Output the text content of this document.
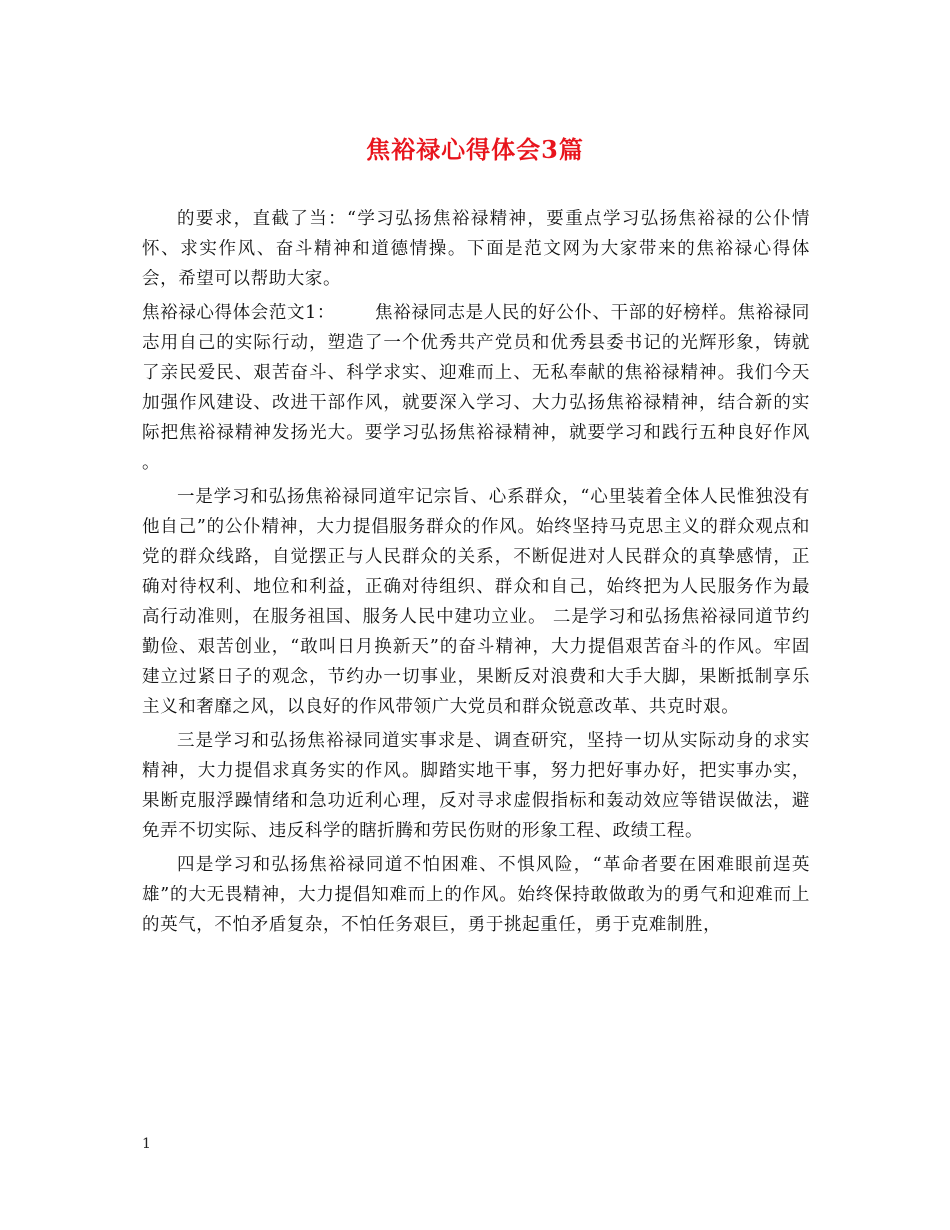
焦裕禄心得体会3篇

的要求，直截了当：“学习弘扬焦裕禄精神，要重点学习弘扬焦裕禄的公仆情怀、求实作风、奋斗精神和道德情操。下面是范文网为大家带来的焦裕禄心得体会，希望可以帮助大家。

焦裕禄心得体会范文1： 焦裕禄同志是人民的好公仆、干部的好榜样。焦裕禄同志用自己的实际行动，塑造了一个优秀共产党员和优秀县委书记的光辉形象，铸就了亲民爱民、艰苦奋斗、科学求实、迎难而上、无私奉献的焦裕禄精神。我们今天加强作风建设、改进干部作风，就要深入学习、大力弘扬焦裕禄精神，结合新的实际把焦裕禄精神发扬光大。要学习弘扬焦裕禄精神，就要学习和践行五种良好作风 。

一是学习和弘扬焦裕禄同道牢记宗旨、心系群众，“心里装着全体人民惟独没有他自己”的公仆精神，大力提倡服务群众的作风。始终坚持马克思主义的群众观点和党的群众线路，自觉摆正与人民群众的关系，不断促进对人民群众的真挚感情，正确对待权利、地位和利益，正确对待组织、群众和自己，始终把为人民服务作为最高行动准则，在服务祖国、服务人民中建功立业。 二是学习和弘扬焦裕禄同道节约勤俭、艰苦创业，“敢叫日月换新天”的奋斗精神，大力提倡艰苦奋斗的作风。牢固建立过紧日子的观念，节约办一切事业，果断反对浪费和大手大脚，果断抵制享乐主义和奢靡之风，以良好的作风带领广大党员和群众锐意改革、共克时艰。

三是学习和弘扬焦裕禄同道实事求是、调查研究，坚持一切从实际动身的求实精神，大力提倡求真务实的作风。脚踏实地干事，努力把好事办好，把实事办实，果断克服浮躁情绪和急功近利心理，反对寻求虚假指标和轰动效应等错误做法，避免弄不切实际、违反科学的瞎折腾和劳民伤财的形象工程、政绩工程。

四是学习和弘扬焦裕禄同道不怕困难、不惧风险，“革命者要在困难眼前逞英雄”的大无畏精神，大力提倡知难而上的作风。始终保持敢做敢为的勇气和迎难而上的英气，不怕矛盾复杂，不怕任务艰巨，勇于挑起重任，勇于克难制胜，

1
